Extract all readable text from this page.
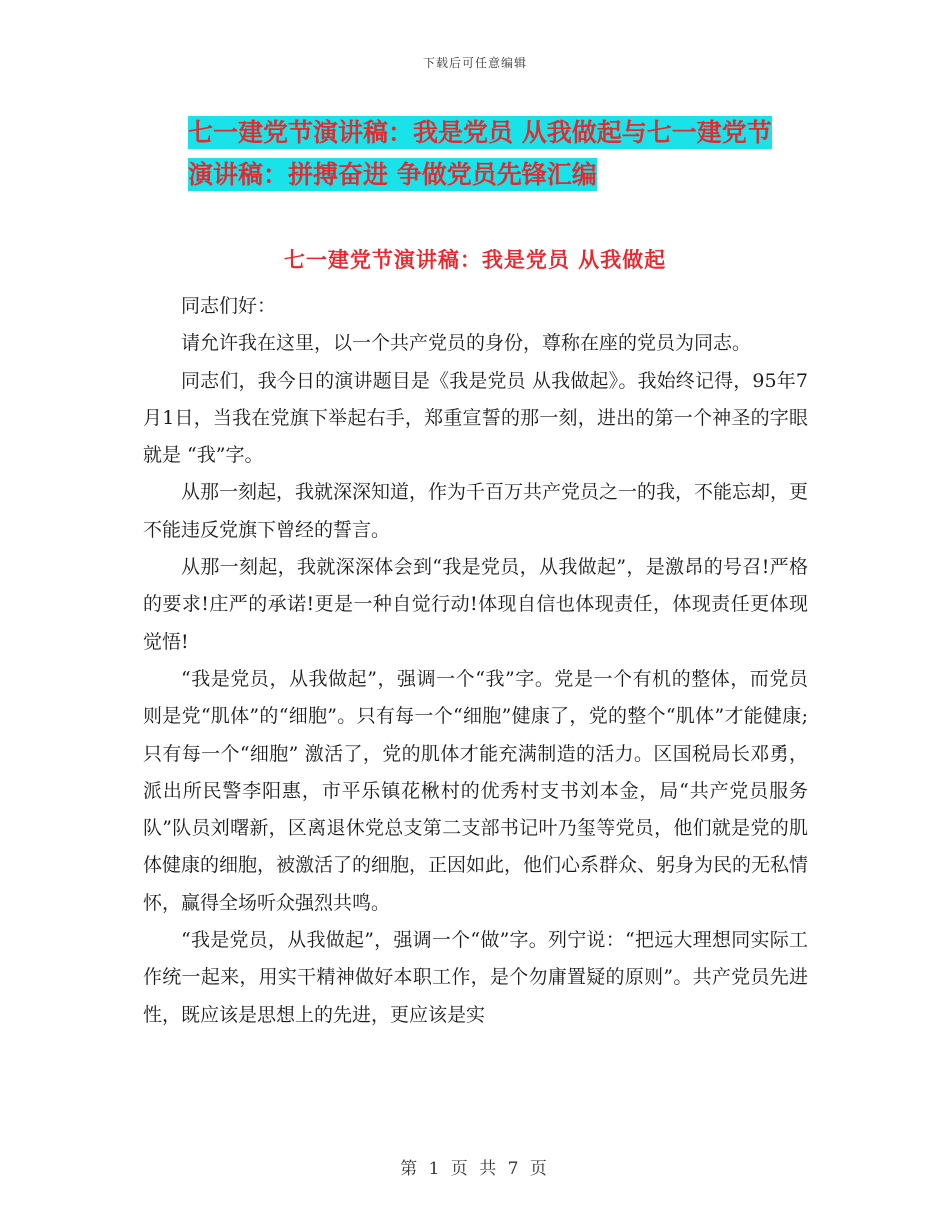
下载后可任意编辑
七一建党节演讲稿：我是党员 从我做起与七一建党节
演讲稿：拼搏奋进 争做党员先锋汇编
七一建党节演讲稿：我是党员 从我做起

同志们好：

请允许我在这里，以一个共产党员的身份，尊称在座的党员为同志。

同志们，我今日的演讲题目是《我是党员 从我做起》。我始终记得，95年7月1日，当我在党旗下举起右手，郑重宣誓的那一刻，进出的第一个神圣的字眼就是 “我”字。

从那一刻起，我就深深知道，作为千百万共产党员之一的我，不能忘却，更不能违反党旗下曾经的誓言。

从那一刻起，我就深深体会到“我是党员，从我做起”，是激昂的号召!严格的要求!庄严的承诺!更是一种自觉行动!体现自信也体现责任，体现责任更体现觉悟!

“我是党员，从我做起”，强调一个“我”字。党是一个有机的整体，而党员则是党“肌体”的“细胞”。只有每一个“细胞”健康了，党的整个“肌体”才能健康;只有每一个“细胞” 激活了，党的肌体才能充满制造的活力。区国税局长邓勇，派出所民警李阳惠，市平乐镇花楸村的优秀村支书刘本金，局“共产党员服务队”队员刘曙新，区离退休党总支第二支部书记叶乃玺等党员，他们就是党的肌体健康的细胞，被激活了的细胞，正因如此，他们心系群众、躬身为民的无私情怀，赢得全场听众强烈共鸣。

“我是党员，从我做起”，强调一个“做”字。列宁说：“把远大理想同实际工作统一起来，用实干精神做好本职工作，是个勿庸置疑的原则”。共产党员先进性，既应该是思想上的先进，更应该是实

第 1 页 共 7 页
